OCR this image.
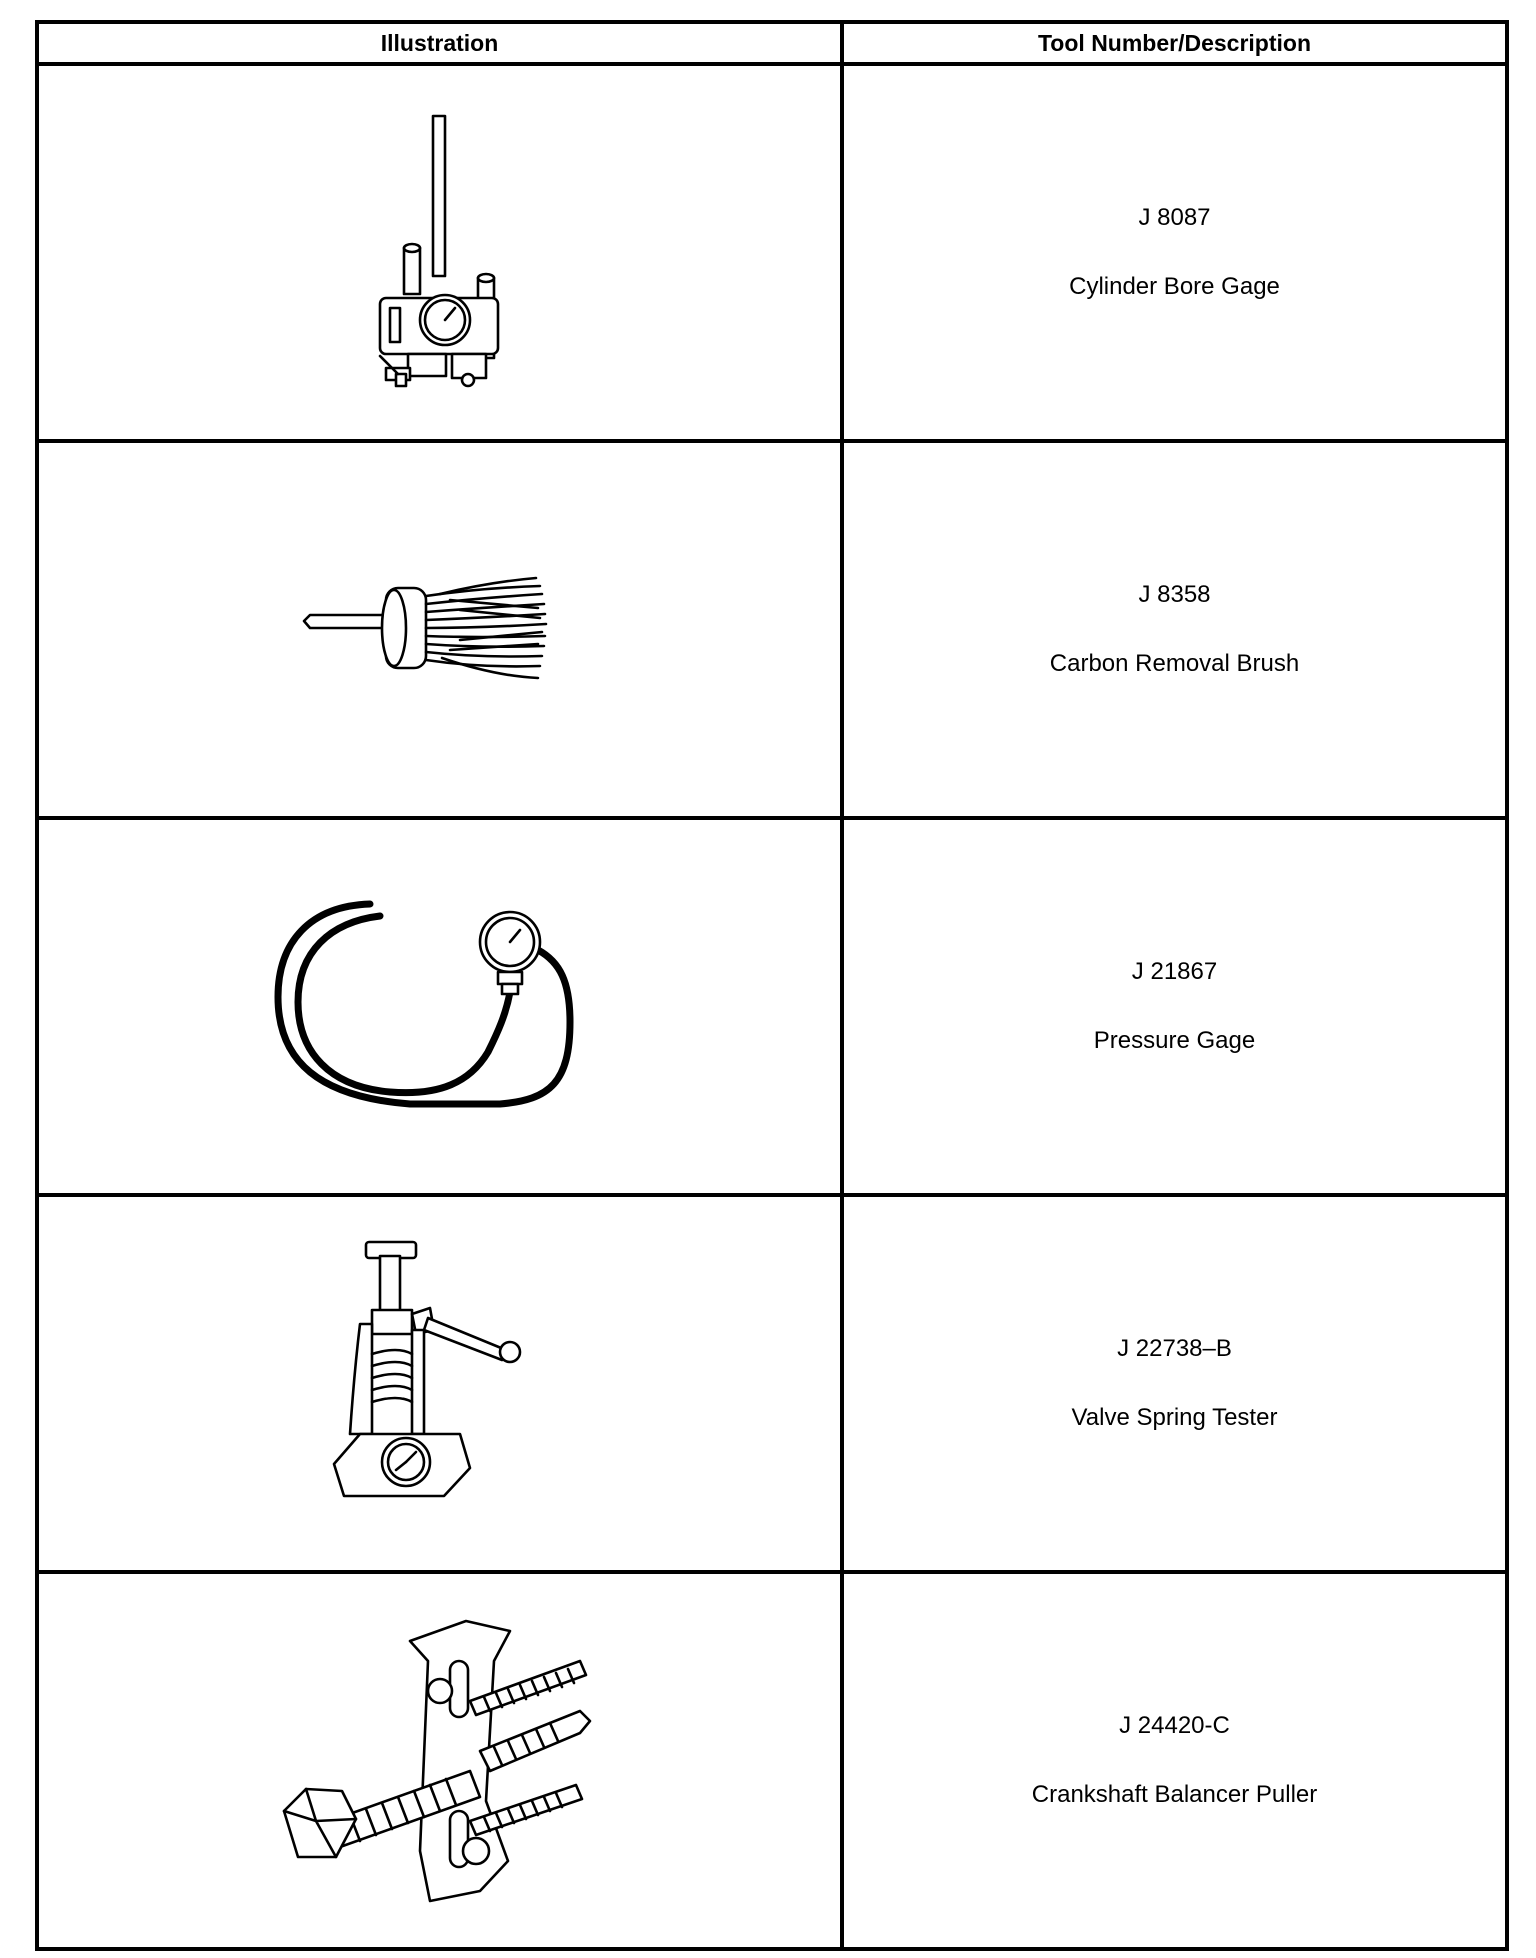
Illustration	Tool Number/Description

J 8087
Cylinder Bore Gage

J 8358
Carbon Removal Brush

J 21867
Pressure Gage

J 22738–B
Valve Spring Tester

J 24420-C
Crankshaft Balancer Puller
